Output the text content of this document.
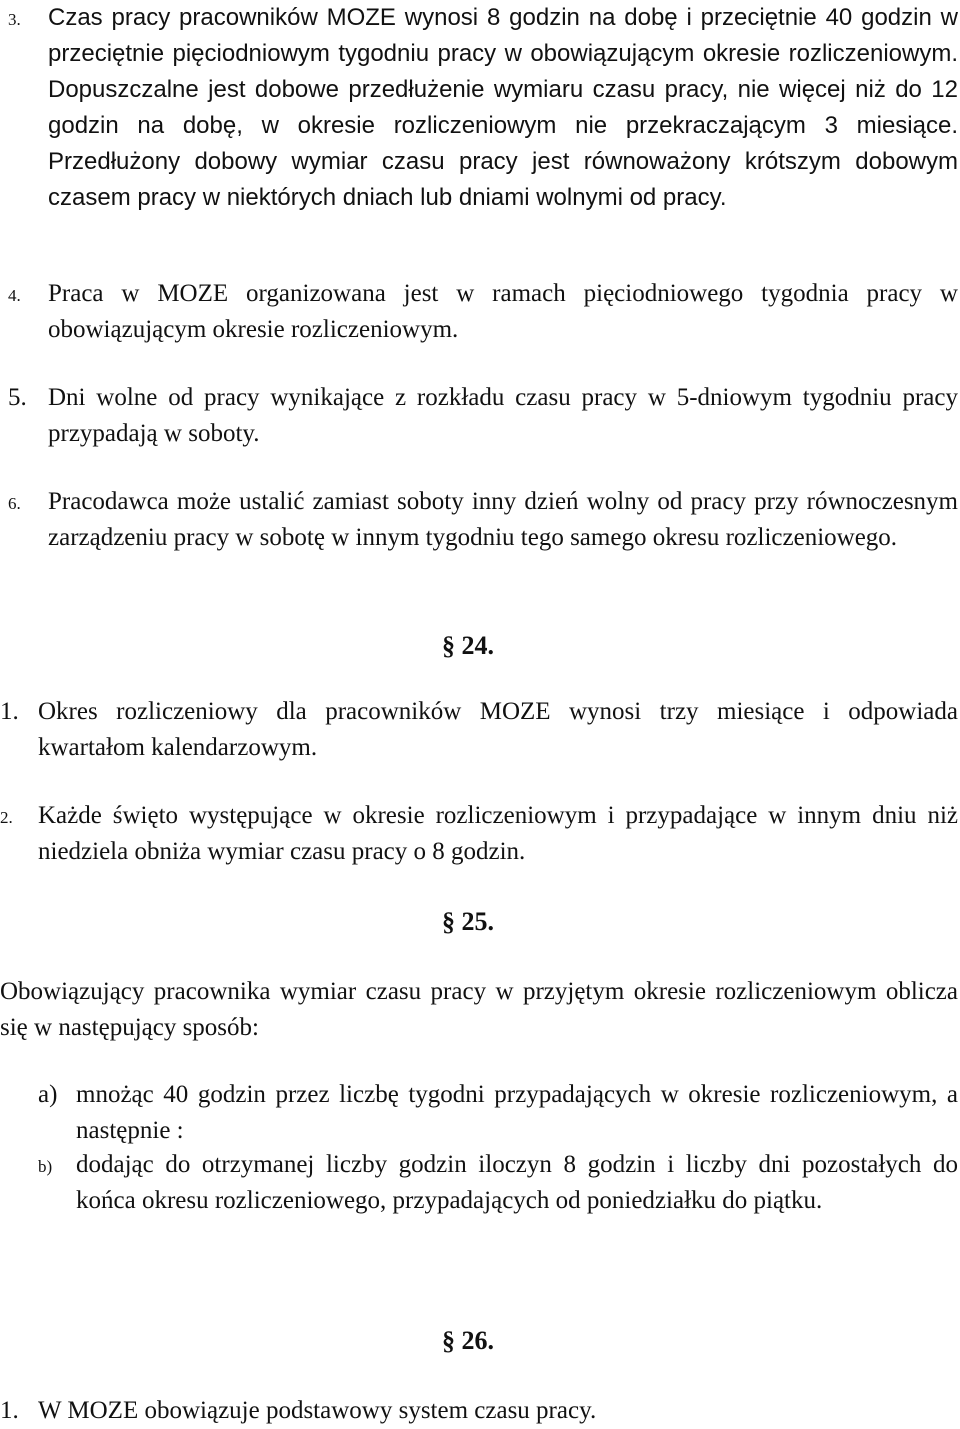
3. Czas pracy pracowników MOZE wynosi 8 godzin na dobę i przeciętnie 40 godzin w przeciętnie pięciodniowym tygodniu pracy w obowiązującym okresie rozliczeniowym. Dopuszczalne jest dobowe przedłużenie wymiaru czasu pracy, nie więcej niż do 12 godzin na dobę, w okresie rozliczeniowym nie przekraczającym 3 miesiące. Przedłużony dobowy wymiar czasu pracy jest równoważony krótszym dobowym czasem pracy w niektórych dniach lub dniami wolnymi od pracy.
4. Praca w MOZE organizowana jest w ramach pięciodniowego tygodnia pracy w obowiązującym okresie rozliczeniowym.
5. Dni wolne od pracy wynikające z rozkładu czasu pracy w 5-dniowym tygodniu pracy przypadają w soboty.
6. Pracodawca może ustalić zamiast soboty inny dzień wolny od pracy przy równoczesnym zarządzeniu pracy w sobotę w innym tygodniu tego samego okresu rozliczeniowego.
§ 24.
1. Okres rozliczeniowy dla pracowników MOZE wynosi trzy miesiące i odpowiada kwartałom kalendarzowym.
2. Każde święto występujące w okresie rozliczeniowym i przypadające w innym dniu niż niedziela obniża wymiar czasu pracy o 8 godzin.
§ 25.
Obowiązujący pracownika wymiar czasu pracy w przyjętym okresie rozliczeniowym oblicza się w następujący sposób:
a) mnożąc 40 godzin przez liczbę tygodni przypadających w okresie rozliczeniowym, a następnie :
b) dodając do otrzymanej liczby godzin iloczyn 8 godzin i liczby dni pozostałych do końca okresu rozliczeniowego, przypadających od poniedziałku do piątku.
§ 26.
1. W MOZE obowiązuje podstawowy system czasu pracy.
